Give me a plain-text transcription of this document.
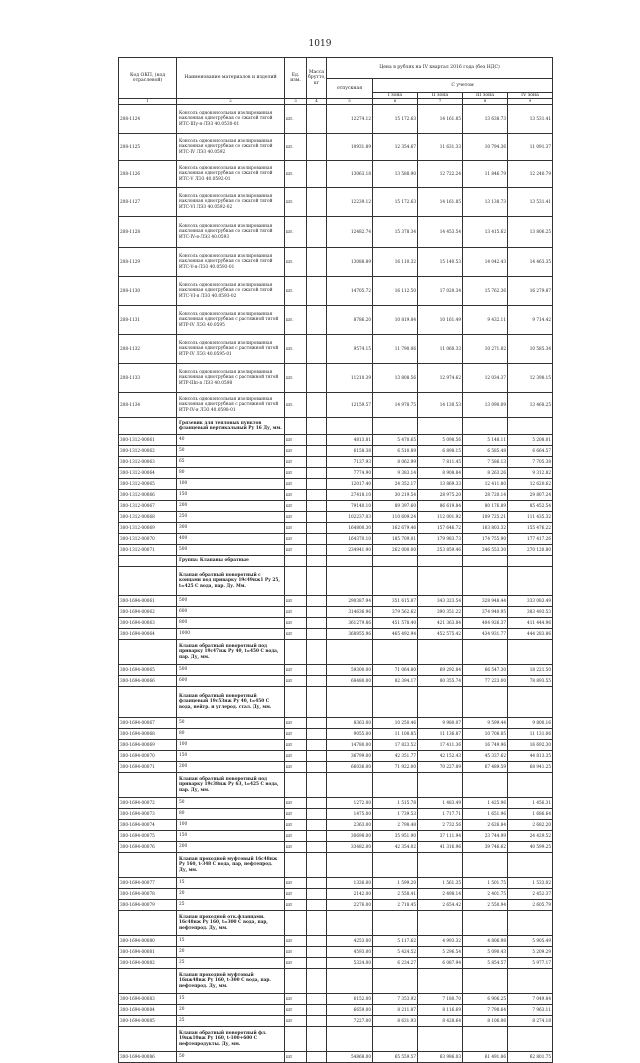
1019
Код ОКП, (код отраслевой)	Наименование материалов и изделий	Ед. изм.	Масса брутто, кг	Цена в рублях на IV квартал 2016 года (без НДС)				
				отпускная	С учетом			
					I зона	II зона	III зона	IV зона
1	2	3	4	5	6	7	8	9
208-1124	Консоль одноконсольная изолированная наклонная однотрубная со сжатой тягой ИТС-IIIу-я-ЛЭ3 40.0530-01	шт.		12274.12	15 172.63	14 161.85	13 638.73	13 531.41
208-1125	Консоль одноконсольная изолированная наклонная однотрубная со сжатой тягой ИТС-IV ЛЭ3 40.0592	шт.		10931.89	12 354.67	11 631.33	10 794.36	11 091.37
208-1126	Консоль одноконсольная изолированная наклонная однотрубная со сжатой тягой ИТС-V ЛЭ3 40.0592-01	шт.		13063.18	13 588.90	12 722.24	11 846.79	12 240.79
208-1127	Консоль одноконсольная изолированная наклонная однотрубная со сжатой тягой ИТС-VI ЛЭ3 40.0592-02	шт.		12239.12	15 172.63	14 161.85	13 138.73	13 531.41
208-1128	Консоль одноконсольная изолированная наклонная однотрубная со сжатой тягой ИТС-IV-я-ЛЭ3 40.0593	шт.		12482.74	15 378.34	14 453.54	13 415.62	13 806.25
208-1129	Консоль одноконсольная изолированная наклонная однотрубная со сжатой тягой ИТС-V-я-ЛЭ3 40.0593-01	шт.		13088.89	16 110.32	15 140.53	14 042.43	14 463.35
208-1130	Консоль одноконсольная изолированная наклонная однотрубная со сжатой тягой ИТС-VI-я ЛЭ3 40.0593-02	шт.		14705.72	16 112.50	17 020.34	15 762.36	16 279.87
208-1131	Консоль одноконсольная изолированная наклонная однотрубная с растяжной тягой ИТР-IV ЛЭ3 40.0595	шт.		8786.20	10 819.84	10 161.49	9 432.11	9 714.42
208-1132	Консоль одноконсольная изолированная наклонная однотрубная с растяжной тягой ИТР-IV ЛЭ3 40.0595-01	шт.		9574.15	11 790.06	11 060.33	10 271.82	10 585.34
208-1133	Консоль одноконсольная изолированная наклонная однотрубная с растяжной тягой ИТР-IIIп-я ЛЭ3 40.0598	шт.		11210.39	13 808.56	12 974.62	12 034.37	12 398.15
208-1134	Консоль одноконсольная изолированная наклонная однотрубная с растяжной тягой ИТР-IV-я ЛЭ3 40.0598-01	шт.		12159.57	14 978.75	14 130.53	13 090.09	13 468.25
	Грязевик для тепловых пунктов фланцевый вертикальный Ру 16 Ду, мм.							
300-1312-00061	40	шт		4813.81	5 470.65	5 098.56	5 148.11	5 208.01
300-1312-00062	50	шт		6158.38	6 510.89	6 898.15	6 585.48	6 664.57
300-1312-00063	65	шт		7137.93	8 062.99	7 811.45	7 586.13	7 705.38
300-1312-00064	80	шт		7774.90	9 383.14	8 908.84	8 263.26	9 312.82
300-1312-00065	100	шт		12017.40	24 352.17	13 869.33	12 411.80	12 620.62
300-1312-00066	150	шт		27418.10	30 219.54	28 975.20	28 720.14	29 807.24
300-1312-00067	200	шт		79140.10	89 397.60	86 619.84	80 176.89	85 452.54
300-1312-00068	250	шт		102237.03	110 609.24	112 001.92	109 725.21	111 435.32
300-1312-00069	300	шт		164800.30	162 679.46	157 646.72	163 803.32	155 476.22
300-1312-00070	400	шт		164370.10	185 709.01	179 983.73	174 755.90	177 417.26
300-1312-00071	500	шт		234941.90	262 000.00	253 859.46	246 553.30	270 120.80
	Группа: Клапаны обратные							
	Клапан обратный поворотный с концами под приварку 19с49нж1 Ру 25, t=425 С вода, пар. Ду. Мм.							
300-1694-00061	500	шт		290387.94	351 615.87	343 323.54	328 948.44	333 083.49
300-1694-00062	600	шт		314636.96	379 562.62	390 351.22	374 940.95	383 493.53
300-1694-00063	800	шт		361279.86	451 578.40	421 363.84	404 926.37	411 444.96
300-1694-00064	1000	шт		368955.96	465 492.94	452 575.42	434 931.77	444 283.86
	Клапан обратный поворотный под приварку 19с47нж Ру 40, t=450 С вода, пар. Ду, мм.							
300-1694-00065	500	шт		59300.00	71 064.80	69 292.84	66 547.30	18 221.50
300-1694-00066	600	шт		68480.00	82 394.17	80 355.74	77 223.00	78 893.55
	Клапан обратный поворотный фланцевый 19с53нж Ру 40, t=450 С вода, нейтр. и углерод. стал. Ду, мм.							
300-1694-00067	50	шт		8363.00	10 250.46	9 980.07	9 599.44	9 800.16
300-1694-00068	80	шт		9055.00	11 108.85	11 136.87	10 708.85	11 131.06
300-1694-00069	100	шт		14780.00	17 823.52	17 411.36	16 749.96	16 692.30
300-1694-00070	150	шт		36799.00	42 351.77	42 152.43	45 337.62	44 813.35
300-1694-00071	200	шт		66036.00	71 922.00	70 227.89	67 489.59	68 941.25
	Клапан обратный поворотный под приварку 19с38нж Ру 63, t=425 С вода, пар. Ду, мм.							
300-1694-00072	50	шт		1272.00	1 515.78	1 483.49	1 425.96	1 456.31
300-1694-00073	80	шт		1475.00	1 739.53	1 717.71	1 651.96	1 686.64
300-1694-00074	100	шт		2363.00	2 798.48	2 732.56	2 626.84	2 682.20
300-1694-00075	150	шт		30698.00	35 951.90	37 111.94	23 744.99	24 429.52
300-1694-00076	200	шт		33482.00	42 354.02	41 316.96	39 746.62	40 599.25
	Клапан проходной муфтовый 16с48нж Ру 160, t-348 С вода, пар, нефтепрод. Ду, мм.							
300-1694-00077	15	шт		1336.00	1 599.20	1 561.35	1 501.75	1 533.02
300-1694-00078	20	шт		2142.00	2 558.41	2 498.14	2 401.75	2 452.37
300-1694-00079	25	шт		2276.00	2 718.45	2 654.42	2 550.94	2 605.79
	Клапан проходной отк.фланцами. 16с48нж Ру 160, t=300 С вода, пар, нефтепрод. Ду, мм.							
300-1694-00080	15	шт		4253.00	5 117.62	4 993.32	4 806.98	5 905.49
300-1694-00081	20	шт		4593.00	5 424.52	5 296.54	5 090.43	5 209.29
300-1694-00082	25	шт		5324.00	6 234.27	6 087.94	5 854.57	5 977.17
	Клапан проходной муфтовый 16нж48нж Ру 160, t-300 С вода, пар. нефтепрод. Ду, мм.							
300-1694-00083	15	шт		6152.00	7 353.92	7 180.70	6 906.25	7 049.84
300-1694-00084	20	шт		6659.00	8 211.87	8 116.69	7 798.64	7 963.11
300-1694-00085	25	шт		7227.00	8 631.93	8 428.64	8 106.06	8 274.18
	Клапан обратный поворотный фл. 19нж10нж Ру 160, t-100+600 С нефтепродукты. Ду, мм.							
300-1694-00086	50	шт		54868.00	65 559.57	63 986.03	61 491.86	62 801.75
